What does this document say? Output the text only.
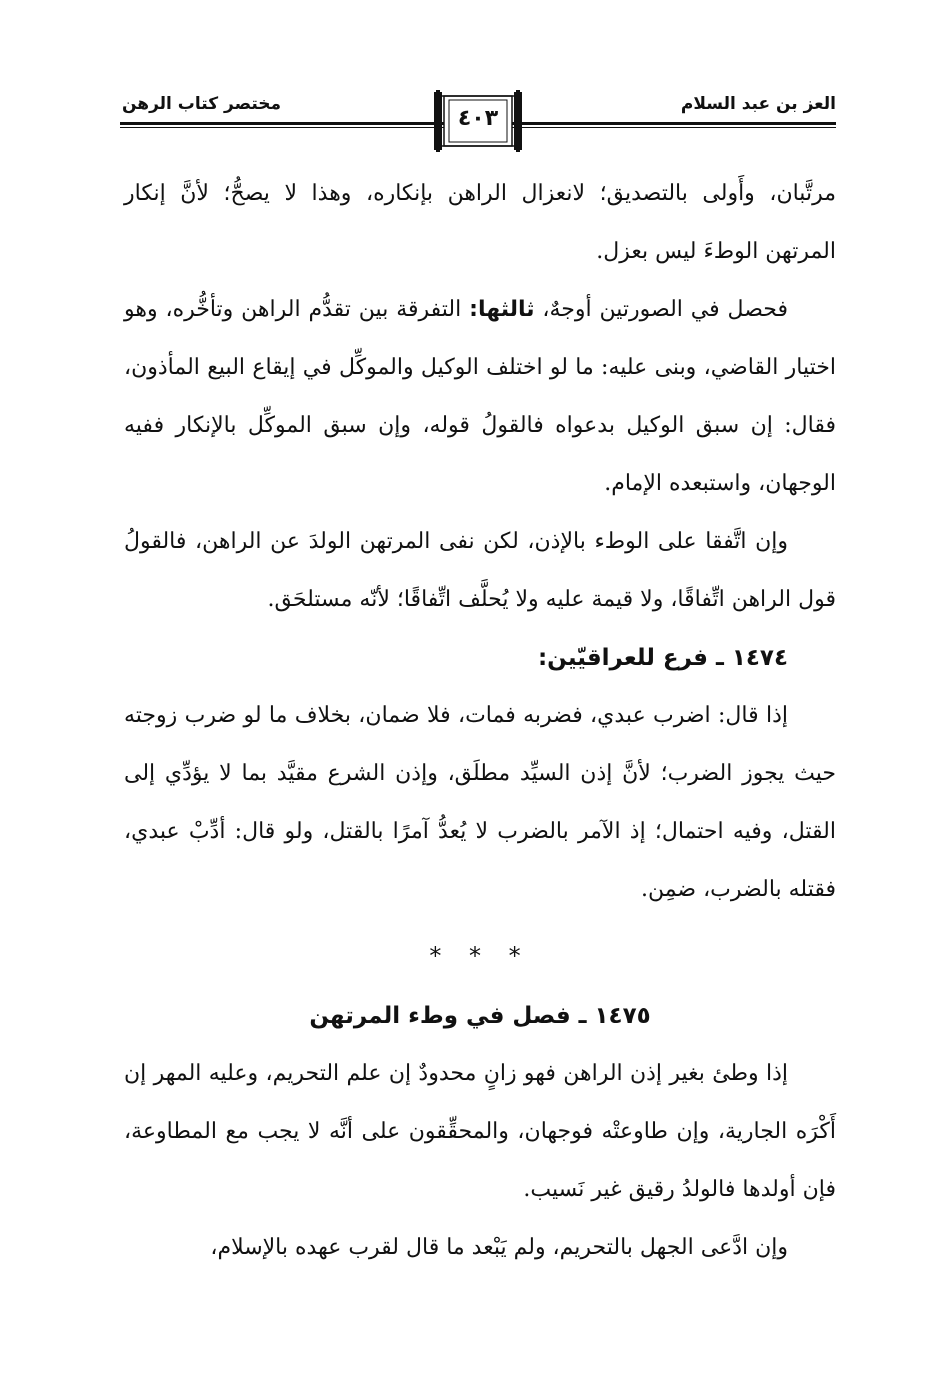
العز بن عبد السلام
مختصر كتاب الرهن
٤٠٣

مرتَّبان، وأَولى بالتصديق؛ لانعزال الراهن بإنكاره، وهذا لا يصحُّ؛ لأنَّ إنكار المرتهن الوطءَ ليس بعزل.

فحصل في الصورتين أوجهٌ، ثالثها: التفرقة بين تقدُّم الراهن وتأخُّره، وهو اختيار القاضي، وبنى عليه: ما لو اختلف الوكيل والموكِّل في إيقاع البيع المأذون، فقال: إن سبق الوكيل بدعواه فالقولُ قوله، وإن سبق الموكِّل بالإنكار ففيه الوجهان، واستبعده الإمام.

وإن اتَّفقا على الوطء بالإذن، لكن نفى المرتهن الولدَ عن الراهن، فالقولُ قول الراهن اتِّفاقًا، ولا قيمة عليه ولا يُحلَّف اتِّفاقًا؛ لأنّه مستلحَق.

١٤٧٤ ـ فرع للعراقيّين:

إذا قال: اضرب عبدي، فضربه فمات، فلا ضمان، بخلاف ما لو ضرب زوجته حيث يجوز الضرب؛ لأنَّ إذن السيِّد مطلَق، وإذن الشرع مقيَّد بما لا يؤدِّي إلى القتل، وفيه احتمال؛ إذ الآمر بالضرب لا يُعدُّ آمرًا بالقتل، ولو قال: أدِّبْ عبدي، فقتله بالضرب، ضمِن.

* * *

١٤٧٥ ـ فصل في وطء المرتهن

إذا وطئ بغير إذن الراهن فهو زانٍ محدودٌ إن علم التحريم، وعليه المهر إن أَكْرَه الجارية، وإن طاوعتْه فوجهان، والمحقِّقون على أنَّه لا يجب مع المطاوعة، فإن أولدها فالولدُ رقيق غير نَسيب.

وإن ادَّعى الجهل بالتحريم، ولم يَبْعد ما قال لقرب عهده بالإسلام،
